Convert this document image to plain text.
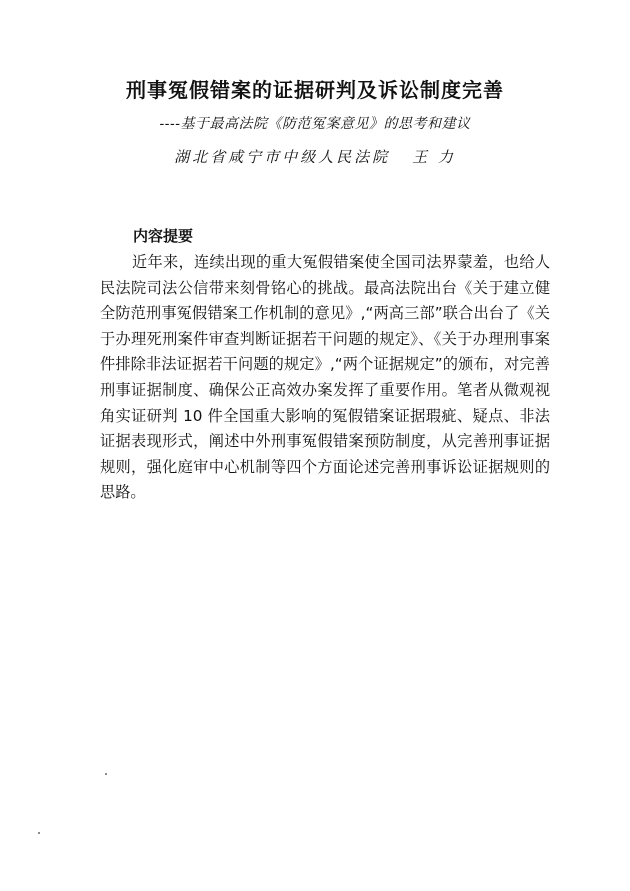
刑事冤假错案的证据研判及诉讼制度完善
----基于最高法院《防范冤案意见》的思考和建议
湖北省咸宁市中级人民法院 王 力
内容提要

近年来，连续出现的重大冤假错案使全国司法界蒙羞，也给人民法院司法公信带来刻骨铭心的挑战。最高法院出台《关于建立健全防范刑事冤假错案工作机制的意见》,“两高三部”联合出台了《关于办理死刑案件审查判断证据若干问题的规定》、《关于办理刑事案件排除非法证据若干问题的规定》,“两个证据规定”的颁布，对完善刑事证据制度、确保公正高效办案发挥了重要作用。笔者从微观视角实证研判 10 件全国重大影响的冤假错案证据瑕疵、疑点、非法证据表现形式，阐述中外刑事冤假错案预防制度，从完善刑事证据规则，强化庭审中心机制等四个方面论述完善刑事诉讼证据规则的思路。
